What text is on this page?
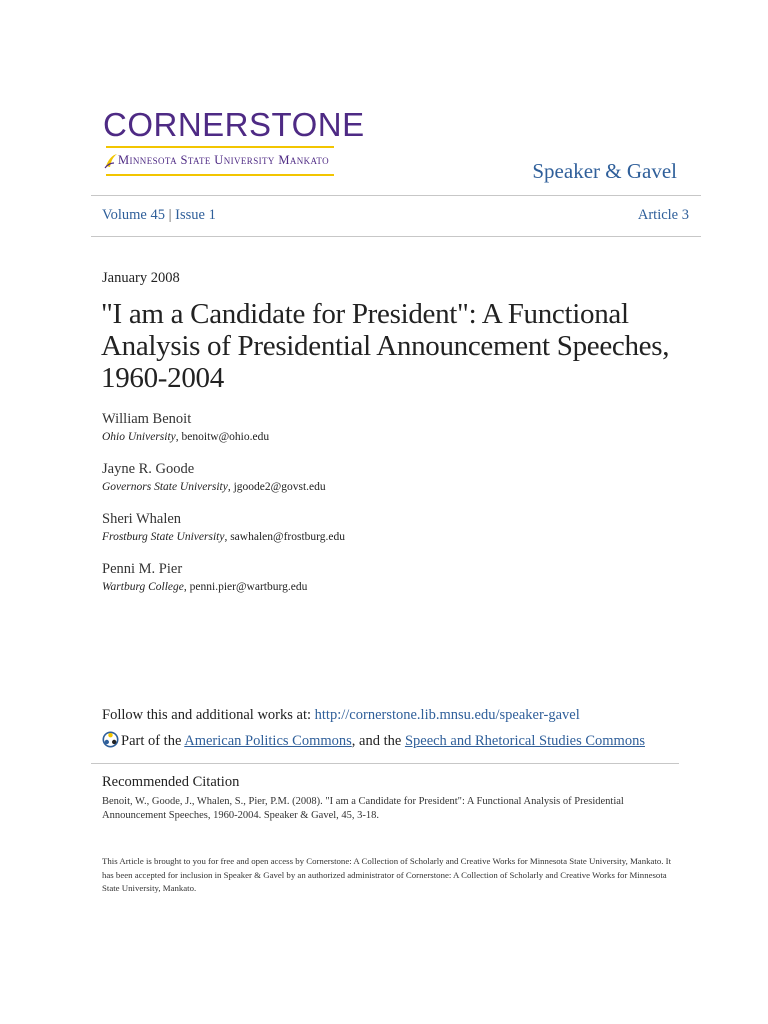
CORNERSTONE
Minnesota State University Mankato	Speaker & Gavel
Volume 45 | Issue 1	Article 3
January 2008
"I am a Candidate for President": A Functional Analysis of Presidential Announcement Speeches, 1960-2004
William Benoit
Ohio University, benoitw@ohio.edu
Jayne R. Goode
Governors State University, jgoode2@govst.edu
Sheri Whalen
Frostburg State University, sawhalen@frostburg.edu
Penni M. Pier
Wartburg College, penni.pier@wartburg.edu
Follow this and additional works at: http://cornerstone.lib.mnsu.edu/speaker-gavel
Part of the American Politics Commons, and the Speech and Rhetorical Studies Commons
Recommended Citation
Benoit, W., Goode, J., Whalen, S., Pier, P.M. (2008). "I am a Candidate for President": A Functional Analysis of Presidential Announcement Speeches, 1960-2004. Speaker & Gavel, 45, 3-18.
This Article is brought to you for free and open access by Cornerstone: A Collection of Scholarly and Creative Works for Minnesota State University, Mankato. It has been accepted for inclusion in Speaker & Gavel by an authorized administrator of Cornerstone: A Collection of Scholarly and Creative Works for Minnesota State University, Mankato.
